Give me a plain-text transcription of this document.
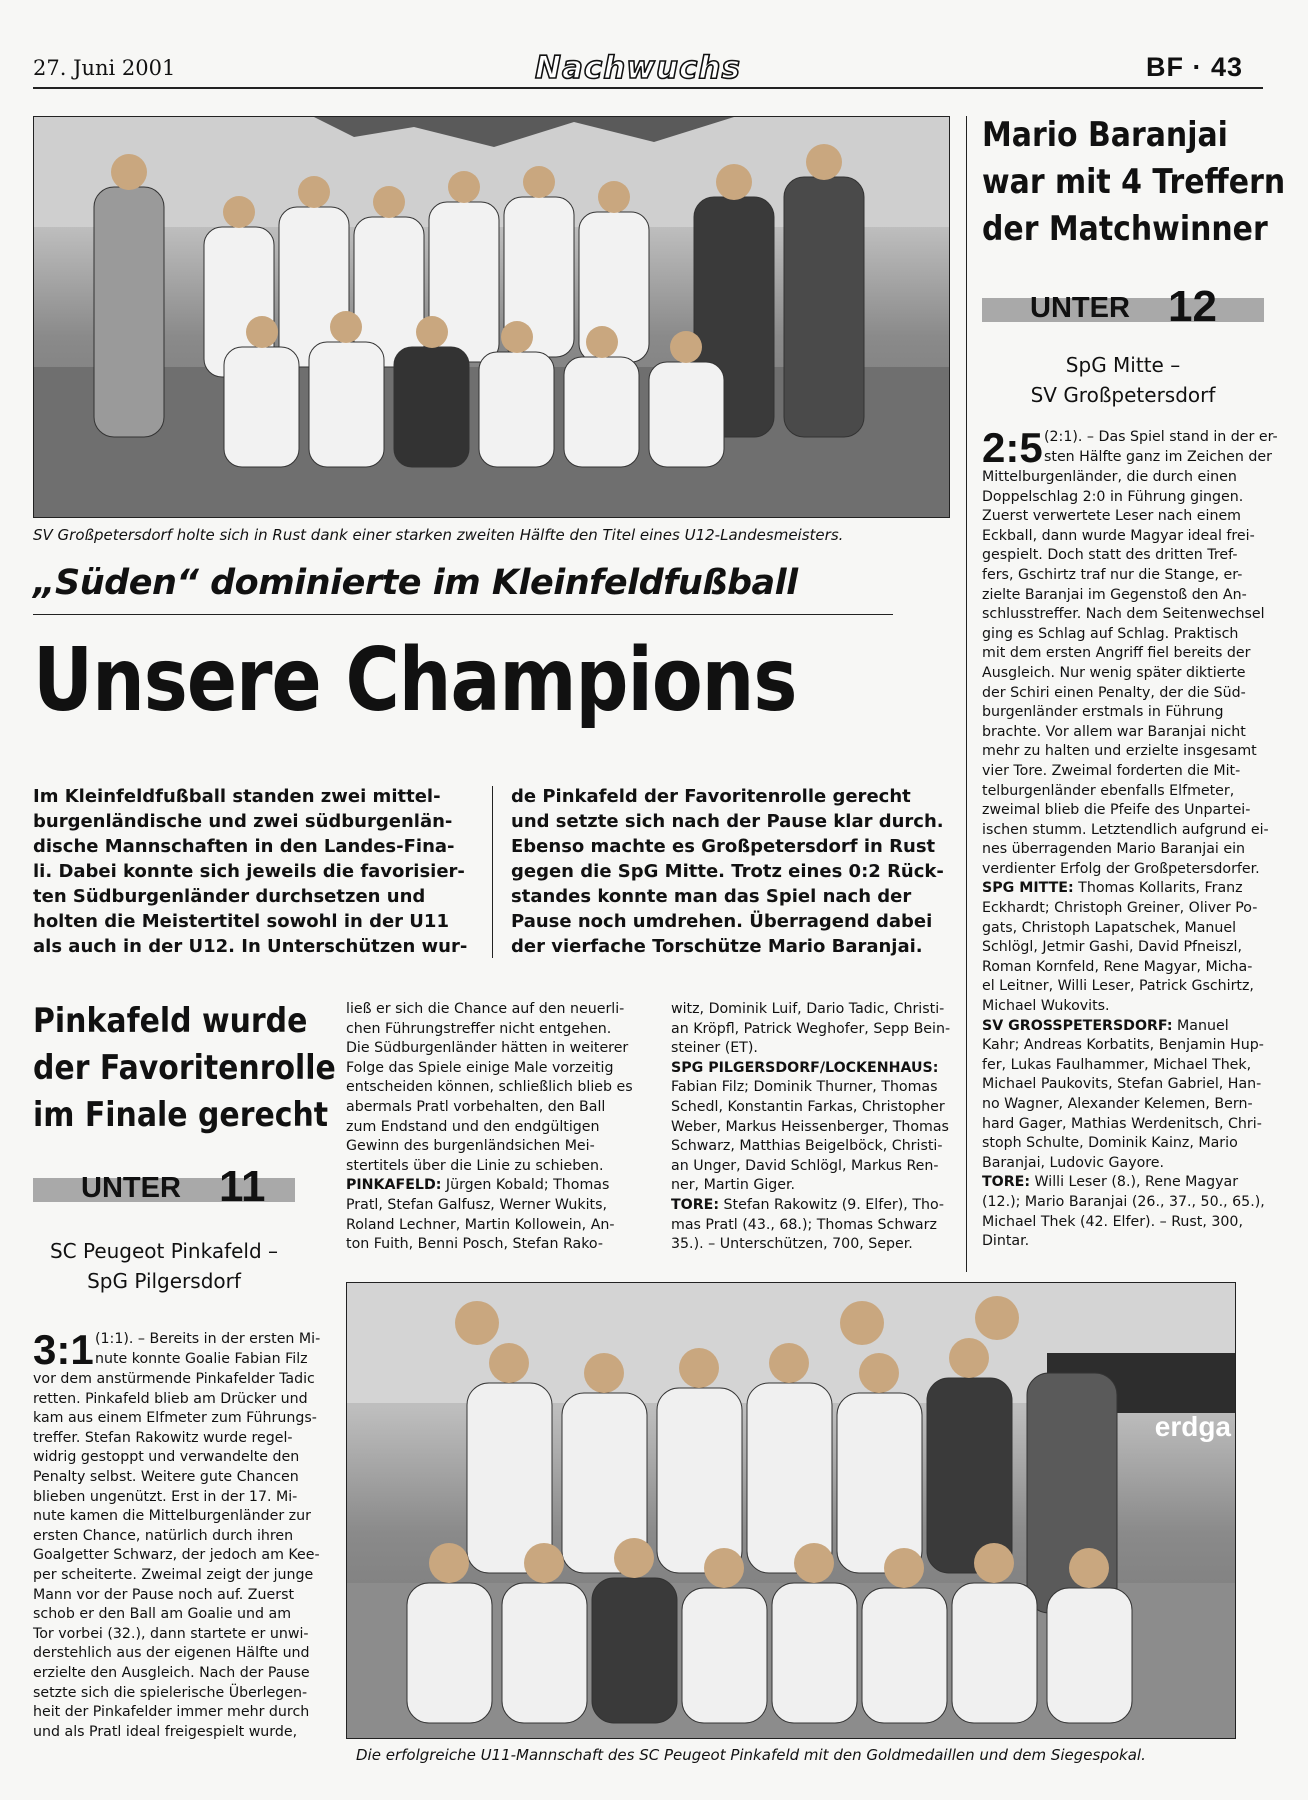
27. Juni 2001	Nachwuchs	BF · 43
SV Großpetersdorf holte sich in Rust dank einer starken zweiten Hälfte den Titel eines U12-Landesmeisters.
„Süden“ dominierte im Kleinfeldfußball
Unsere Champions
Im Kleinfeldfußball standen zwei mittel-
burgenländische und zwei südburgenlän-
dische Mannschaften in den Landes-Fina-
li. Dabei konnte sich jeweils die favorisier-
ten Südburgenländer durchsetzen und
holten die Meistertitel sowohl in der U11
als auch in der U12. In Unterschützen wur-
de Pinkafeld der Favoritenrolle gerecht
und setzte sich nach der Pause klar durch.
Ebenso machte es Großpetersdorf in Rust
gegen die SpG Mitte. Trotz eines 0:2 Rück-
standes konnte man das Spiel nach der
Pause noch umdrehen. Überragend dabei
der vierfache Torschütze Mario Baranjai.
Pinkafeld wurde
der Favoritenrolle
im Finale gerecht
UNTER 11
SC Peugeot Pinkafeld –
SpG Pilgersdorf
3:1 (1:1). – Bereits in der ersten Mi-
nute konnte Goalie Fabian Filz
vor dem anstürmende Pinkafelder Tadic
retten. Pinkafeld blieb am Drücker und
kam aus einem Elfmeter zum Führungs-
treffer. Stefan Rakowitz wurde regel-
widrig gestoppt und verwandelte den
Penalty selbst. Weitere gute Chancen
blieben ungenützt. Erst in der 17. Mi-
nute kamen die Mittelburgenländer zur
ersten Chance, natürlich durch ihren
Goalgetter Schwarz, der jedoch am Kee-
per scheiterte. Zweimal zeigt der junge
Mann vor der Pause noch auf. Zuerst
schob er den Ball am Goalie und am
Tor vorbei (32.), dann startete er unwi-
derstehlich aus der eigenen Hälfte und
erzielte den Ausgleich. Nach der Pause
setzte sich die spielerische Überlegen-
heit der Pinkafelder immer mehr durch
und als Pratl ideal freigespielt wurde,
ließ er sich die Chance auf den neuerli-
chen Führungstreffer nicht entgehen.
Die Südburgenländer hätten in weiterer
Folge das Spiele einige Male vorzeitig
entscheiden können, schließlich blieb es
abermals Pratl vorbehalten, den Ball
zum Endstand und den endgültigen
Gewinn des burgenländsichen Mei-
stertitels über die Linie zu schieben.
PINKAFELD: Jürgen Kobald; Thomas
Pratl, Stefan Galfusz, Werner Wukits,
Roland Lechner, Martin Kollowein, An-
ton Fuith, Benni Posch, Stefan Rako-
witz, Dominik Luif, Dario Tadic, Christi-
an Kröpfl, Patrick Weghofer, Sepp Bein-
steiner (ET).
SPG PILGERSDORF/LOCKENHAUS:
Fabian Filz; Dominik Thurner, Thomas
Schedl, Konstantin Farkas, Christopher
Weber, Markus Heissenberger, Thomas
Schwarz, Matthias Beigelböck, Christi-
an Unger, David Schlögl, Markus Ren-
ner, Martin Giger.
TORE: Stefan Rakowitz (9. Elfer), Tho-
mas Pratl (43., 68.); Thomas Schwarz
35.). – Unterschützen, 700, Seper.
Mario Baranjai
war mit 4 Treffern
der Matchwinner
UNTER 12
SpG Mitte –
SV Großpetersdorf
2:5 (2:1). – Das Spiel stand in der er-
sten Hälfte ganz im Zeichen der
Mittelburgenländer, die durch einen
Doppelschlag 2:0 in Führung gingen.
Zuerst verwertete Leser nach einem
Eckball, dann wurde Magyar ideal frei-
gespielt. Doch statt des dritten Tref-
fers, Gschirtz traf nur die Stange, er-
zielte Baranjai im Gegenstoß den An-
schlusstreffer. Nach dem Seitenwechsel
ging es Schlag auf Schlag. Praktisch
mit dem ersten Angriff fiel bereits der
Ausgleich. Nur wenig später diktierte
der Schiri einen Penalty, der die Süd-
burgenländer erstmals in Führung
brachte. Vor allem war Baranjai nicht
mehr zu halten und erzielte insgesamt
vier Tore. Zweimal forderten die Mit-
telburgenländer ebenfalls Elfmeter,
zweimal blieb die Pfeife des Unpartei-
ischen stumm. Letztendlich aufgrund ei-
nes überragenden Mario Baranjai ein
verdienter Erfolg der Großpetersdorfer.
SPG MITTE: Thomas Kollarits, Franz
Eckhardt; Christoph Greiner, Oliver Po-
gats, Christoph Lapatschek, Manuel
Schlögl, Jetmir Gashi, David Pfneiszl,
Roman Kornfeld, Rene Magyar, Micha-
el Leitner, Willi Leser, Patrick Gschirtz,
Michael Wukovits.
SV GROSSPETERSDORF: Manuel
Kahr; Andreas Korbatits, Benjamin Hup-
fer, Lukas Faulhammer, Michael Thek,
Michael Paukovits, Stefan Gabriel, Han-
no Wagner, Alexander Kelemen, Bern-
hard Gager, Mathias Werdenitsch, Chri-
stoph Schulte, Dominik Kainz, Mario
Baranjai, Ludovic Gayore.
TORE: Willi Leser (8.), Rene Magyar
(12.); Mario Baranjai (26., 37., 50., 65.),
Michael Thek (42. Elfer). – Rust, 300,
Dintar.
erdga
Die erfolgreiche U11-Mannschaft des SC Peugeot Pinkafeld mit den Goldmedaillen und dem Siegespokal.
